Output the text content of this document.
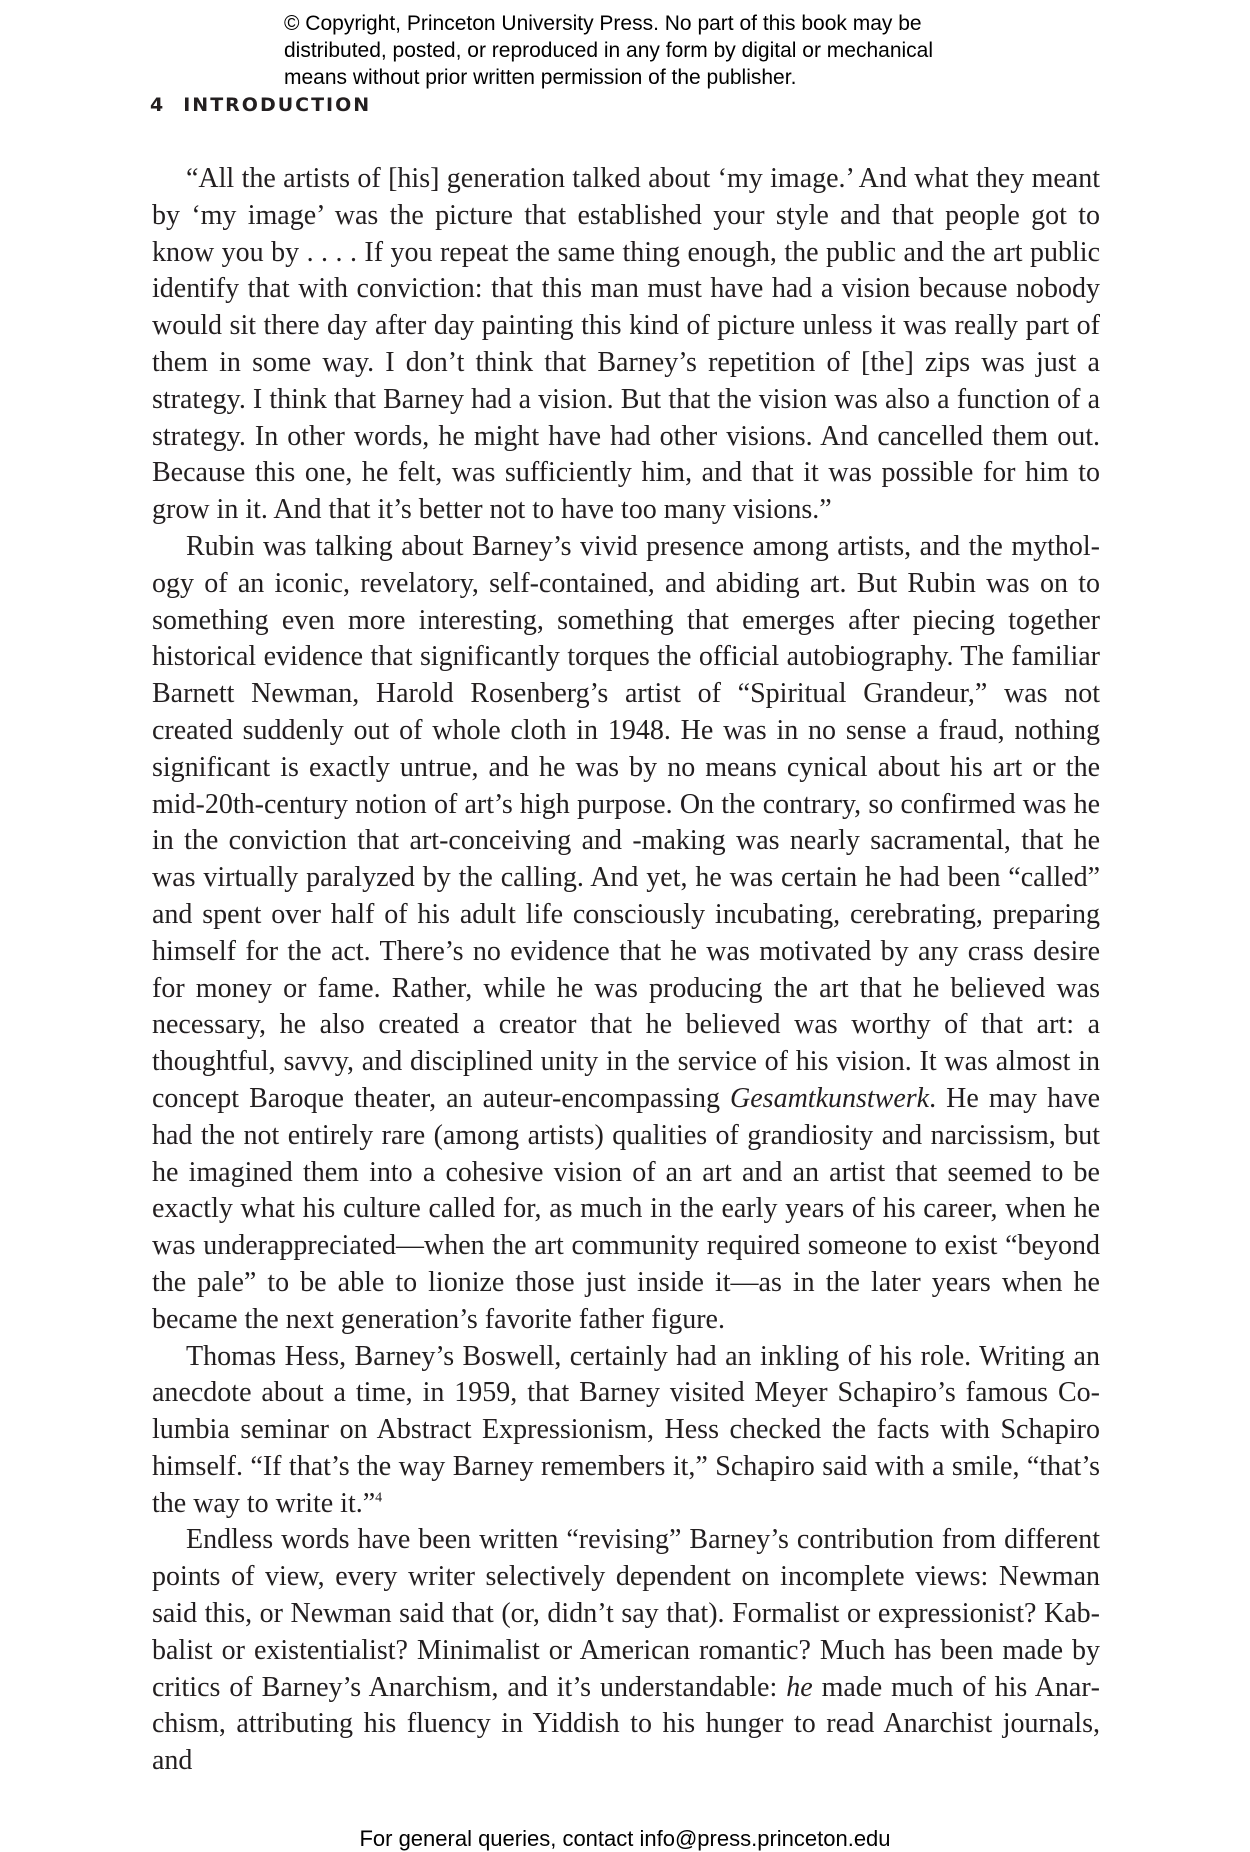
© Copyright, Princeton University Press. No part of this book may be
distributed, posted, or reproduced in any form by digital or mechanical
means without prior written permission of the publisher.
4 INTRODUCTION

“All the artists of [his] generation talked about ‘my image.’ And what they meant by ‘my image’ was the picture that established your style and that people got to know you by . . . . If you repeat the same thing enough, the public and the art public identify that with conviction: that this man must have had a vision because nobody would sit there day after day painting this kind of picture unless it was really part of them in some way. I don’t think that Barney’s repetition of [the] zips was just a strategy. I think that Barney had a vision. But that the vision was also a function of a strategy. In other words, he might have had other visions. And cancelled them out. Because this one, he felt, was sufficiently him, and that it was possible for him to grow in it. And that it’s better not to have too many visions.”

Rubin was talking about Barney’s vivid presence among artists, and the mythology of an iconic, revelatory, self-contained, and abiding art. But Rubin was on to something even more interesting, something that emerges after piecing together historical evidence that significantly torques the official autobiography. The familiar Barnett Newman, Harold Rosenberg’s artist of “Spiritual Grandeur,” was not created suddenly out of whole cloth in 1948. He was in no sense a fraud, nothing significant is exactly untrue, and he was by no means cynical about his art or the mid-20th-century notion of art’s high purpose. On the contrary, so confirmed was he in the conviction that art-conceiving and -making was nearly sacramental, that he was virtually paralyzed by the calling. And yet, he was certain he had been “called” and spent over half of his adult life consciously incubating, cerebrating, preparing himself for the act. There’s no evidence that he was motivated by any crass desire for money or fame. Rather, while he was producing the art that he believed was necessary, he also created a creator that he believed was worthy of that art: a thoughtful, savvy, and disciplined unity in the service of his vision. It was almost in concept Baroque theater, an auteur-encompassing Gesamtkunstwerk. He may have had the not entirely rare (among artists) qualities of grandiosity and narcissism, but he imagined them into a cohesive vision of an art and an artist that seemed to be exactly what his culture called for, as much in the early years of his career, when he was underappreciated—when the art community required someone to exist “beyond the pale” to be able to lionize those just inside it—as in the later years when he became the next generation’s favorite father figure.

Thomas Hess, Barney’s Boswell, certainly had an inkling of his role. Writing an anecdote about a time, in 1959, that Barney visited Meyer Schapiro’s famous Columbia seminar on Abstract Expressionism, Hess checked the facts with Schapiro himself. “If that’s the way Barney remembers it,” Schapiro said with a smile, “that’s the way to write it.”$^4$

Endless words have been written “revising” Barney’s contribution from different points of view, every writer selectively dependent on incomplete views: Newman said this, or Newman said that (or, didn’t say that). Formalist or expressionist? Kabbalist or existentialist? Minimalist or American romantic? Much has been made by critics of Barney’s Anarchism, and it’s understandable: he made much of his Anarchism, attributing his fluency in Yiddish to his hunger to read Anarchist journals, and

For general queries, contact info@press.princeton.edu
